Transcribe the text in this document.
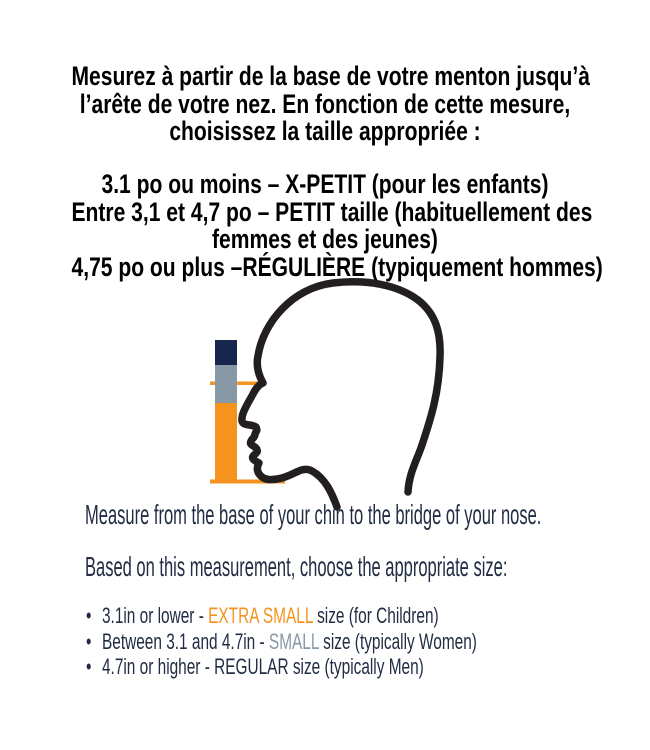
Mesurez à partir de la base de votre menton jusqu’à
l’arête de votre nez. En fonction de cette mesure,
choisissez la taille appropriée :
3.1 po ou moins – X-PETIT (pour les enfants)
Entre 3,1 et 4,7 po – PETIT taille (habituellement des
femmes et des jeunes)
4,75 po ou plus –RÉGULIÈRE (typiquement hommes)
Measure from the base of your chin to the bridge of your nose.
Based on this measurement, choose the appropriate size:
• 3.1in or lower - EXTRA SMALL size (for Children)
• Between 3.1 and 4.7in - SMALL size (typically Women)
• 4.7in or higher - REGULAR size (typically Men)
